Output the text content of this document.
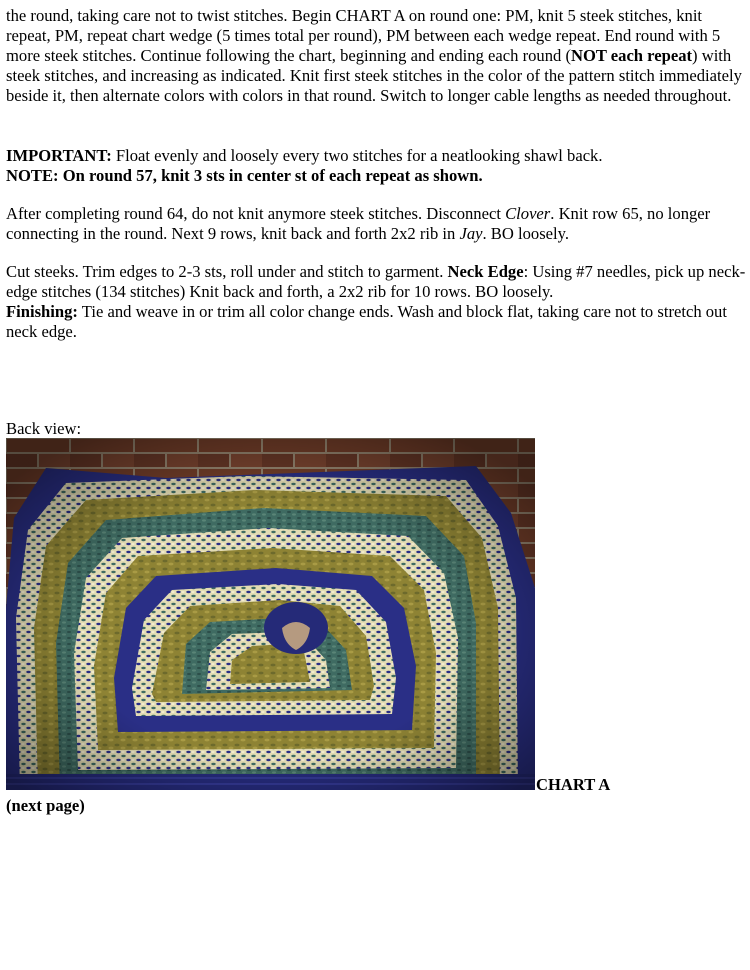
the round, taking care not to twist stitches. Begin CHART A on round one: PM, knit 5 steek stitches, knit repeat, PM, repeat chart wedge (5 times total per round), PM between each wedge repeat. End round with 5 more steek stitches. Continue following the chart, beginning and ending each round (NOT each repeat) with steek stitches, and increasing as indicated. Knit first steek stitches in the color of the pattern stitch immediately beside it, then alternate colors with colors in that round. Switch to longer cable lengths as needed throughout.

IMPORTANT: Float evenly and loosely every two stitches for a neatlooking shawl back.
NOTE: On round 57, knit 3 sts in center st of each repeat as shown.

After completing round 64, do not knit anymore steek stitches. Disconnect Clover. Knit row 65, no longer connecting in the round. Next 9 rows, knit back and forth 2x2 rib in Jay. BO loosely.

Cut steeks. Trim edges to 2-3 sts, roll under and stitch to garment. Neck Edge: Using #7 needles, pick up neck-edge stitches (134 stitches) Knit back and forth, a 2x2 rib for 10 rows. BO loosely.
Finishing: Tie and weave in or trim all color change ends. Wash and block flat, taking care not to stretch out neck edge.

Back view:

CHART A

(next page)
